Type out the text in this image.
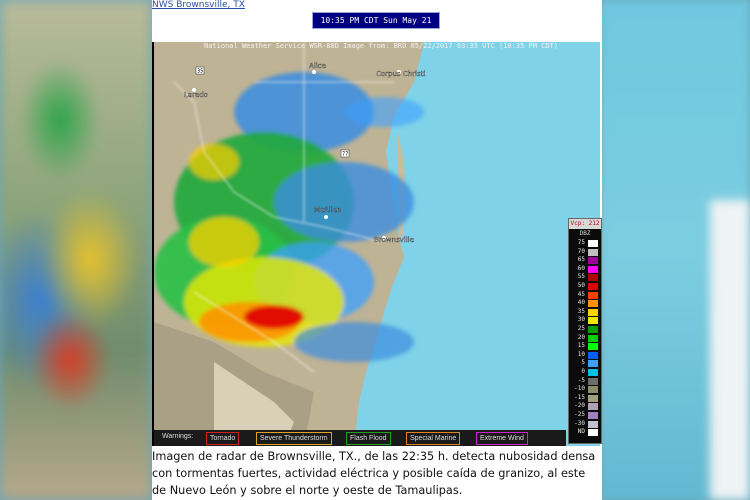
NWS Brownsville, TX
10:35 PM CDT Sun May 21 2017
Alice
Corpus Christi
Laredo
McAllen
Brownsville
35
77
National Weather Service WSR-88D Image from: BRO 05/22/2017 03:35 UTC (10:35 PM CDT)
Warnings:	Tornado	Severe Thunderstorm	Flash Flood	Special Marine	Extreme Wind
Imagen de radar de Brownsville, TX., de las 22:35 h. detecta nubosidad densa con tormentas fuertes, actividad eléctrica y posible caída de granizo, al este de Nuevo León y sobre el norte y oeste de Tamaulipas.
Vcp: 212
DBZ
75
70
65
60
55
50
45
40
35
30
25
20
15
10
5
0
-5
-10
-15
-20
-25
-30
ND
